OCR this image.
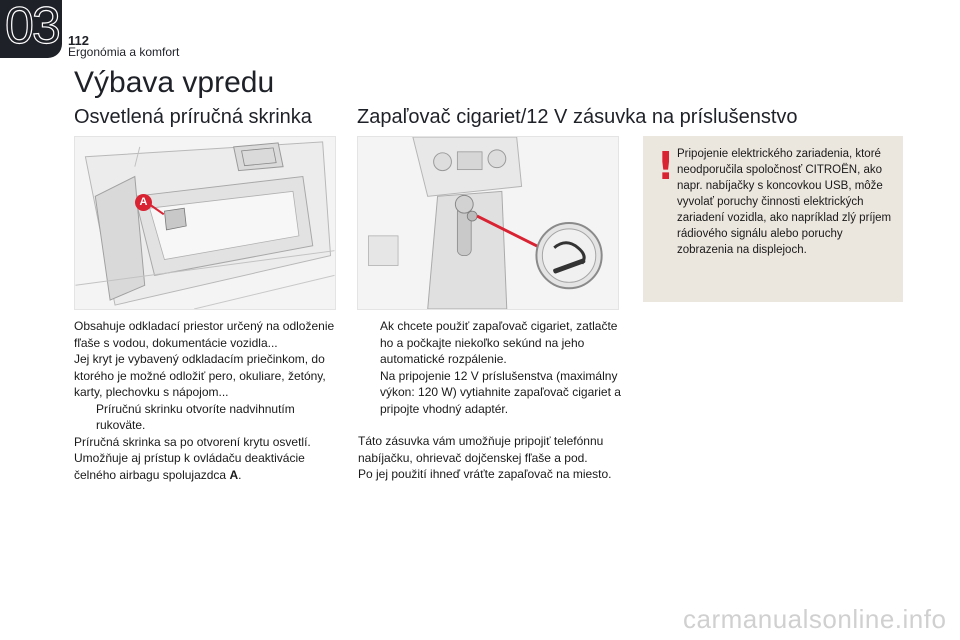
03 112
Ergonómia a komfort
Výbava vpredu
Osvetlená príručná skrinka Zapaľovač cigariet/12 V zásuvka na príslušenstvo
A
Obsahuje odkladací priestor určený na odloženie fľaše s vodou, dokumentácie vozidla...
Jej kryt je vybavený odkladacím priečinkom, do ktorého je možné odložiť pero, okuliare, žetóny, karty, plechovku s nápojom...
Príručnú skrinku otvoríte nadvihnutím rukoväte.
Príručná skrinka sa po otvorení krytu osvetlí.
Umožňuje aj prístup k ovládaču deaktivácie čelného airbagu spolujazdca A.
Ak chcete použiť zapaľovač cigariet, zatlačte ho a počkajte niekoľko sekúnd na jeho automatické rozpálenie.
Na pripojenie 12 V príslušenstva (maximálny výkon: 120 W) vytiahnite zapaľovač cigariet a pripojte vhodný adaptér.
Táto zásuvka vám umožňuje pripojiť telefónnu nabíjačku, ohrievač dojčenskej fľaše a pod.
Po jej použití ihneď vráťte zapaľovač na miesto.
! Pripojenie elektrického zariadenia, ktoré neodporučila spoločnosť CITROËN, ako napr. nabíjačky s koncovkou USB, môže vyvolať poruchy činnosti elektrických zariadení vozidla, ako napríklad zlý príjem rádiového signálu alebo poruchy zobrazenia na displejoch.
carmanualsonline.info
